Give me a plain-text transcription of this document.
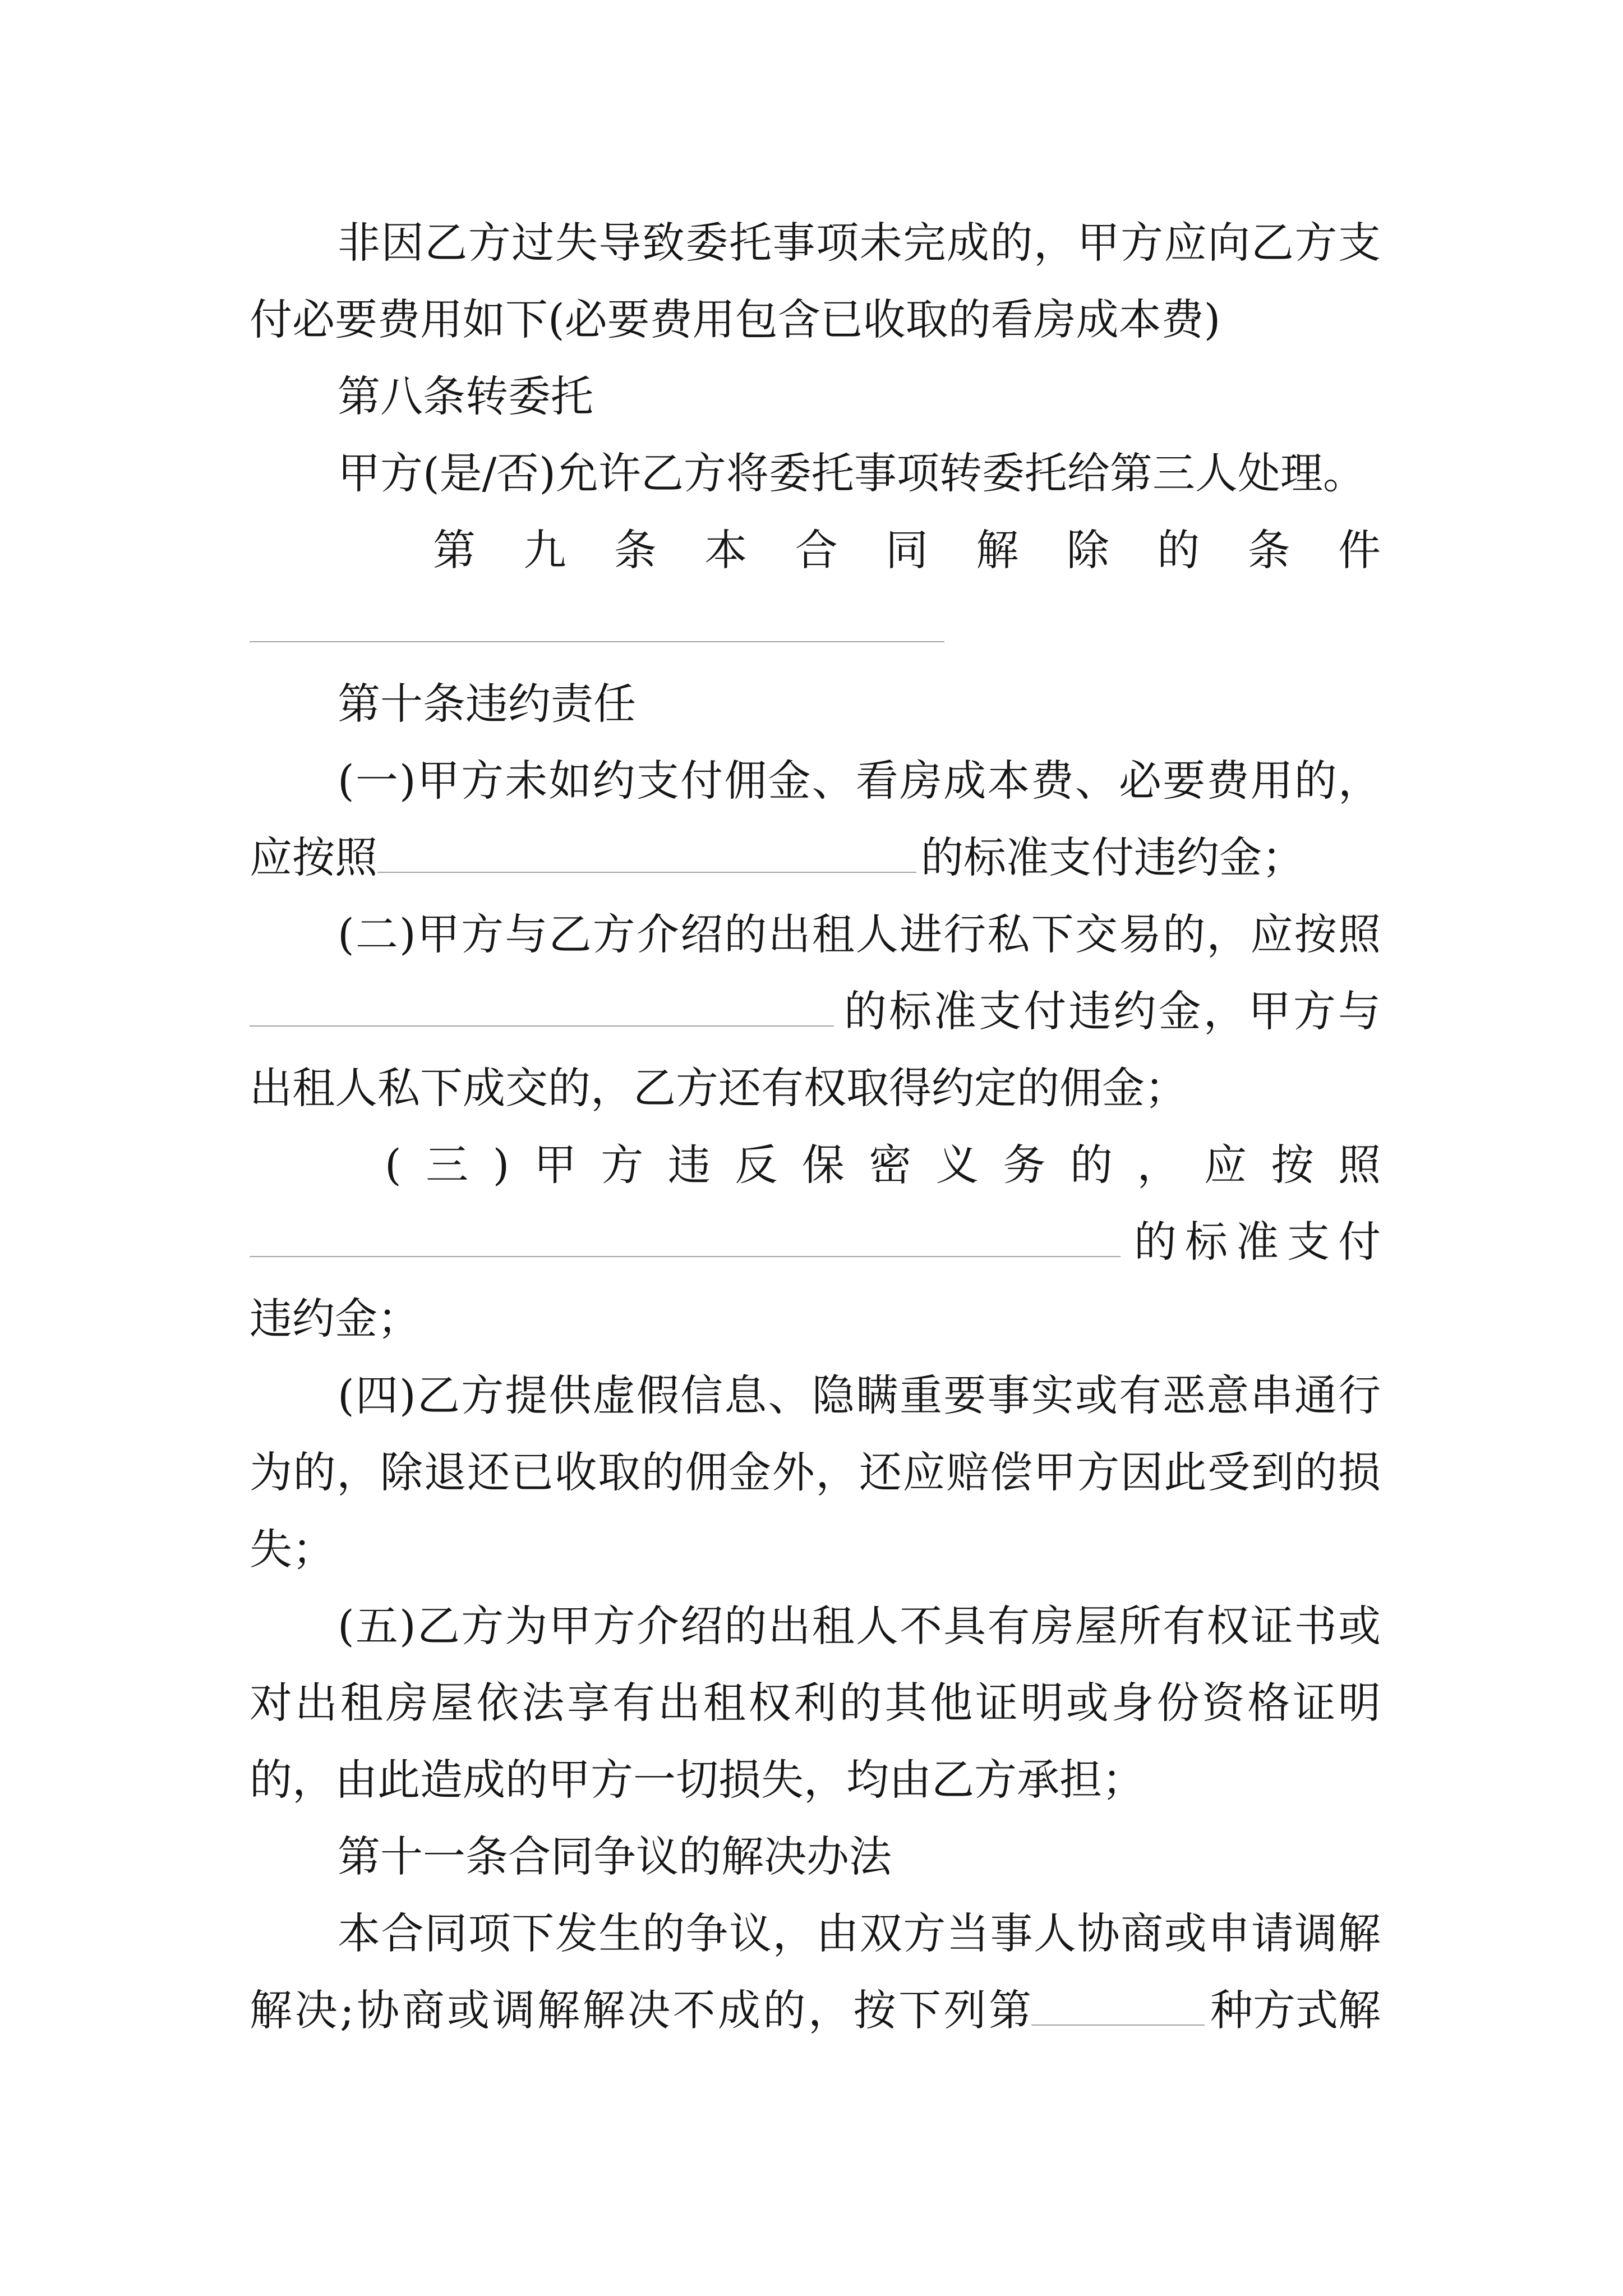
非因乙方过失导致委托事项未完成的，甲方应向乙方支
付必要费用如下(必要费用包含已收取的看房成本费)
第八条转委托
甲方(是/否)允许乙方将委托事项转委托给第三人处理。
第九条本合同解除的条件
第十条违约责任
(一)甲方未如约支付佣金、看房成本费、必要费用的，
应按照	的标准支付违约金；
(二)甲方与乙方介绍的出租人进行私下交易的，应按照
的标准支付违约金，甲方与
出租人私下成交的，乙方还有权取得约定的佣金；
(三)甲方违反保密义务的，应按照
的标准支付
违约金；
(四)乙方提供虚假信息、隐瞒重要事实或有恶意串通行
为的，除退还已收取的佣金外，还应赔偿甲方因此受到的损
失；
(五)乙方为甲方介绍的出租人不具有房屋所有权证书或
对出租房屋依法享有出租权利的其他证明或身份资格证明
的，由此造成的甲方一切损失，均由乙方承担；
第十一条合同争议的解决办法
本合同项下发生的争议，由双方当事人协商或申请调解
解决;协商或调解解决不成的，按下列第	种方式解
